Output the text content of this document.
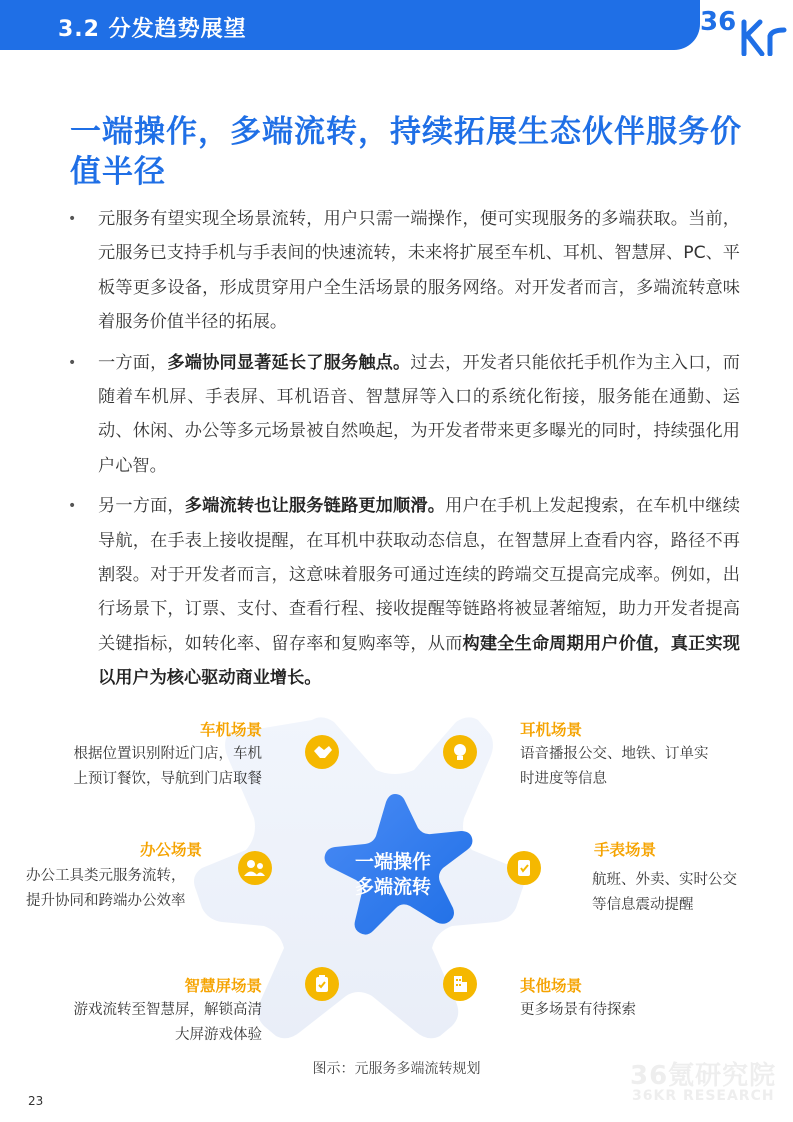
3.2 分发趋势展望	36
一端操作，多端流转，持续拓展生态伙伴服务价
值半径
• 元服务有望实现全场景流转，用户只需一端操作，便可实现服务的多端获取。当前，元服务已支持手机与手表间的快速流转，未来将扩展至车机、耳机、智慧屏、PC、平板等更多设备，形成贯穿用户全生活场景的服务网络。对开发者而言，多端流转意味着服务价值半径的拓展。
• 一方面，多端协同显著延长了服务触点。过去，开发者只能依托手机作为主入口，而随着车机屏、手表屏、耳机语音、智慧屏等入口的系统化衔接，服务能在通勤、运动、休闲、办公等多元场景被自然唤起，为开发者带来更多曝光的同时，持续强化用户心智。
• 另一方面，多端流转也让服务链路更加顺滑。用户在手机上发起搜索，在车机中继续导航，在手表上接收提醒，在耳机中获取动态信息，在智慧屏上查看内容，路径不再割裂。对于开发者而言，这意味着服务可通过连续的跨端交互提高完成率。例如，出行场景下，订票、支付、查看行程、接收提醒等链路将被显著缩短，助力开发者提高关键指标，如转化率、留存率和复购率等，从而构建全生命周期用户价值，真正实现以用户为核心驱动商业增长。
一端操作
多端流转
车机场景
根据位置识别附近门店，车机
上预订餐饮，导航到门店取餐
耳机场景
语音播报公交、地铁、订单实
时进度等信息
办公场景
办公工具类元服务流转，
提升协同和跨端办公效率
手表场景
航班、外卖、实时公交
等信息震动提醒
智慧屏场景
游戏流转至智慧屏，解锁高清
大屏游戏体验
其他场景
更多场景有待探索
图示：元服务多端流转规划	36氪研究院
36KR RESEARCH
23
